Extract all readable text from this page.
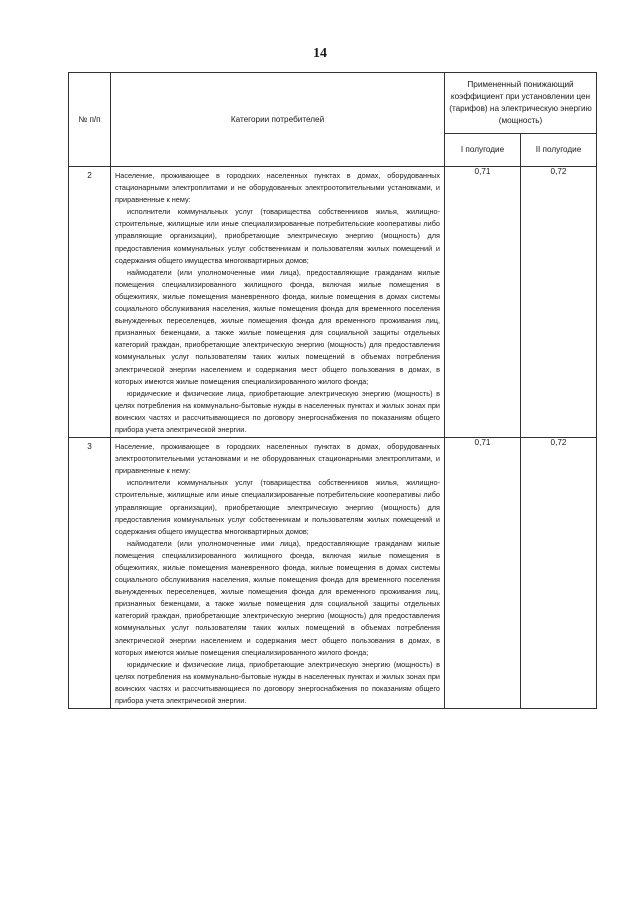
14
№ п/п	Категории потребителей	Примененный понижающий коэффициент при установлении цен (тарифов) на электрическую энергию (мощность)	
		I полугодие	II полугодие
2	Население, проживающее в городских населенных пунктах в домах, оборудованных стационарными электроплитами и не оборудованных электроотопительными установками, и приравненные к нему:

исполнители коммунальных услуг (товарищества собственников жилья, жилищно-строительные, жилищные или иные специализированные потребительские кооперативы либо управляющие организации), приобретающие электрическую энергию (мощность) для предоставления коммунальных услуг собственникам и пользователям жилых помещений и содержания общего имущества многоквартирных домов;

наймодатели (или уполномоченные ими лица), предоставляющие гражданам жилые помещения специализированного жилищного фонда, включая жилые помещения в общежитиях, жилые помещения маневренного фонда, жилые помещения в домах системы социального обслуживания населения, жилые помещения фонда для временного поселения вынужденных переселенцев, жилые помещения фонда для временного проживания лиц, признанных беженцами, а также жилые помещения для социальной защиты отдельных категорий граждан, приобретающие электрическую энергию (мощность) для предоставления коммунальных услуг пользователям таких жилых помещений в объемах потребления электрической энергии населением и содержания мест общего пользования в домах, в которых имеются жилые помещения специализированного жилого фонда;

юридические и физические лица, приобретающие электрическую энергию (мощность) в целях потребления на коммунально-бытовые нужды в населенных пунктах и жилых зонах при воинских частях и рассчитывающиеся по договору энергоснабжения по показаниям общего прибора учета электрической энергии.	0,71	0,72
3	Население, проживающее в городских населенных пунктах в домах, оборудованных электроотопительными установками и не оборудованных стационарными электроплитами, и приравненные к нему:

исполнители коммунальных услуг (товарищества собственников жилья, жилищно-строительные, жилищные или иные специализированные потребительские кооперативы либо управляющие организации), приобретающие электрическую энергию (мощность) для предоставления коммунальных услуг собственникам и пользователям жилых помещений и содержания общего имущества многоквартирных домов;

наймодатели (или уполномоченные ими лица), предоставляющие гражданам жилые помещения специализированного жилищного фонда, включая жилые помещения в общежитиях, жилые помещения маневренного фонда, жилые помещения в домах системы социального обслуживания населения, жилые помещения фонда для временного поселения вынужденных переселенцев, жилые помещения фонда для временного проживания лиц, признанных беженцами, а также жилые помещения для социальной защиты отдельных категорий граждан, приобретающие электрическую энергию (мощность) для предоставления коммунальных услуг пользователям таких жилых помещений в объемах потребления электрической энергии населением и содержания мест общего пользования в домах, в которых имеются жилые помещения специализированного жилого фонда;

юридические и физические лица, приобретающие электрическую энергию (мощность) в целях потребления на коммунально-бытовые нужды в населенных пунктах и жилых зонах при воинских частях и рассчитывающиеся по договору энергоснабжения по показаниям общего прибора учета электрической энергии.	0,71	0,72
